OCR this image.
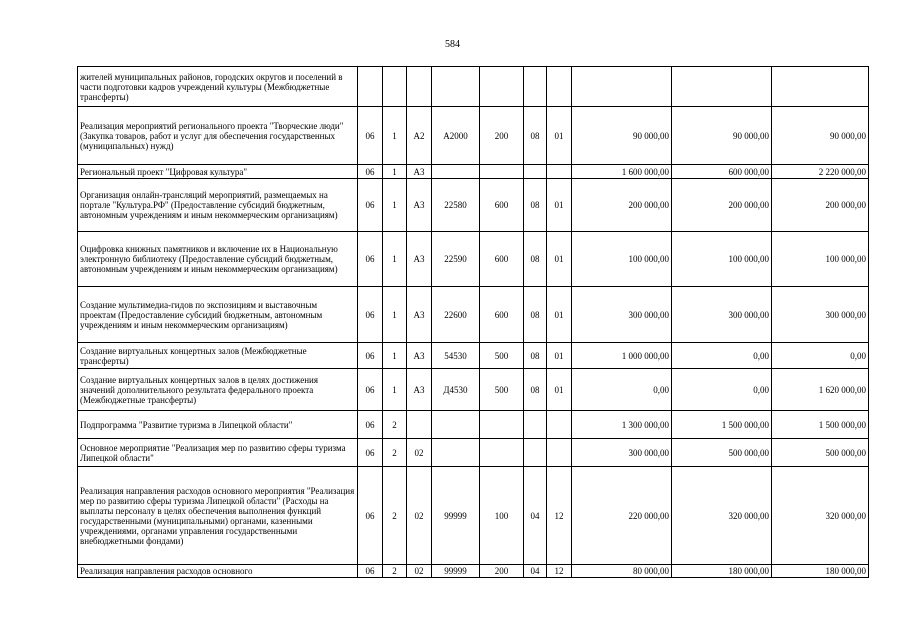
584
жителей муниципальных районов, городских округов и поселений в части подготовки кадров учреждений культуры (Межбюджетные трансферты)										
Реализация мероприятий регионального проекта "Творческие люди" (Закупка товаров, работ и услуг для обеспечения государственных (муниципальных) нужд)	06	1	А2	А2000	200	08	01	90 000,00	90 000,00	90 000,00
Региональный проект "Цифровая культура"	06	1	А3					1 600 000,00	600 000,00	2 220 000,00
Организация онлайн-трансляций мероприятий, размещаемых на портале "Культура.РФ" (Предоставление субсидий бюджетным, автономным учреждениям и иным некоммерческим организациям)	06	1	А3	22580	600	08	01	200 000,00	200 000,00	200 000,00
Оцифровка книжных памятников и включение их в Национальную электронную библиотеку (Предоставление субсидий бюджетным, автономным учреждениям и иным некоммерческим организациям)	06	1	А3	22590	600	08	01	100 000,00	100 000,00	100 000,00
Создание мультимедиа-гидов по экспозициям и выставочным проектам (Предоставление субсидий бюджетным, автономным учреждениям и иным некоммерческим организациям)	06	1	А3	22600	600	08	01	300 000,00	300 000,00	300 000,00
Создание виртуальных концертных залов (Межбюджетные трансферты)	06	1	А3	54530	500	08	01	1 000 000,00	0,00	0,00
Создание виртуальных концертных залов в целях достижения значений дополнительного результата федерального проекта (Межбюджетные трансферты)	06	1	А3	Д4530	500	08	01	0,00	0,00	1 620 000,00
Подпрограмма "Развитие туризма в Липецкой области"	06	2						1 300 000,00	1 500 000,00	1 500 000,00
Основное мероприятие "Реализация мер по развитию сферы туризма Липецкой области"	06	2	02					300 000,00	500 000,00	500 000,00
Реализация направления расходов основного мероприятия "Реализация мер по развитию сферы туризма Липецкой области" (Расходы на выплаты персоналу в целях обеспечения выполнения функций государственными (муниципальными) органами, казенными учреждениями, органами управления государственными внебюджетными фондами)	06	2	02	99999	100	04	12	220 000,00	320 000,00	320 000,00
Реализация направления расходов основного	06	2	02	99999	200	04	12	80 000,00	180 000,00	180 000,00
